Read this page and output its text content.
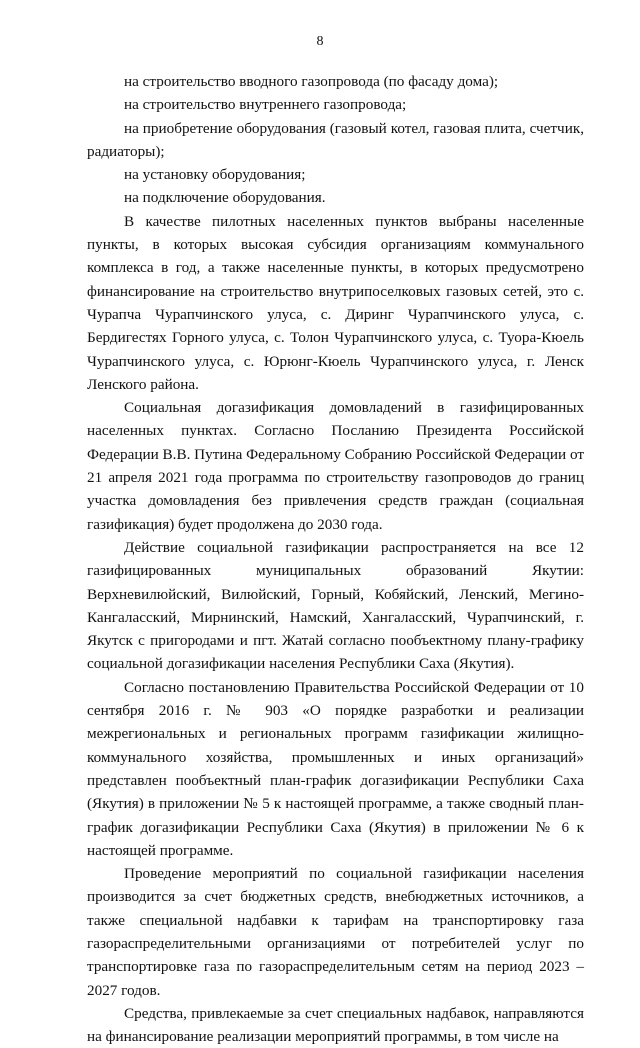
8

на строительство вводного газопровода (по фасаду дома);

на строительство внутреннего газопровода;

на приобретение оборудования (газовый котел, газовая плита, счетчик, радиаторы);

на установку оборудования;

на подключение оборудования.

В качестве пилотных населенных пунктов выбраны населенные пункты, в которых высокая субсидия организациям коммунального комплекса в год, а также населенные пункты, в которых предусмотрено финансирование на строительство внутрипоселковых газовых сетей, это с. Чурапча Чурапчинского улуса, с. Диринг Чурапчинского улуса, с. Бердигестях Горного улуса, с. Толон Чурапчинского улуса, с. Туора-Кюель Чурапчинского улуса, с. Юрюнг-Кюель Чурапчинского улуса, г. Ленск Ленского района.

Социальная догазификация домовладений в газифицированных населенных пунктах. Согласно Посланию Президента Российской Федерации В.В. Путина Федеральному Собранию Российской Федерации от 21 апреля 2021 года программа по строительству газопроводов до границ участка домовладения без привлечения средств граждан (социальная газификация) будет продолжена до 2030 года.

Действие социальной газификации распространяется на все 12 газифицированных муниципальных образований Якутии: Верхневилюйский, Вилюйский, Горный, Кобяйский, Ленский, Мегино-Кангаласский, Мирнинский, Намский, Хангаласский, Чурапчинский, г. Якутск с пригородами и пгт. Жатай согласно пообъектному плану-графику социальной догазификации населения Республики Саха (Якутия).

Согласно постановлению Правительства Российской Федерации от 10 сентября 2016 г. № 903 «О порядке разработки и реализации межрегиональных и региональных программ газификации жилищно-коммунального хозяйства, промышленных и иных организаций» представлен пообъектный план-график догазификации Республики Саха (Якутия) в приложении № 5 к настоящей программе, а также сводный план-график догазификации Республики Саха (Якутия) в приложении № 6 к настоящей программе.

Проведение мероприятий по социальной газификации населения производится за счет бюджетных средств, внебюджетных источников, а также специальной надбавки к тарифам на транспортировку газа газораспределительными организациями от потребителей услуг по транспортировке газа по газораспределительным сетям на период 2023 – 2027 годов.

Средства, привлекаемые за счет специальных надбавок, направляются на финансирование реализации мероприятий программы, в том числе на
